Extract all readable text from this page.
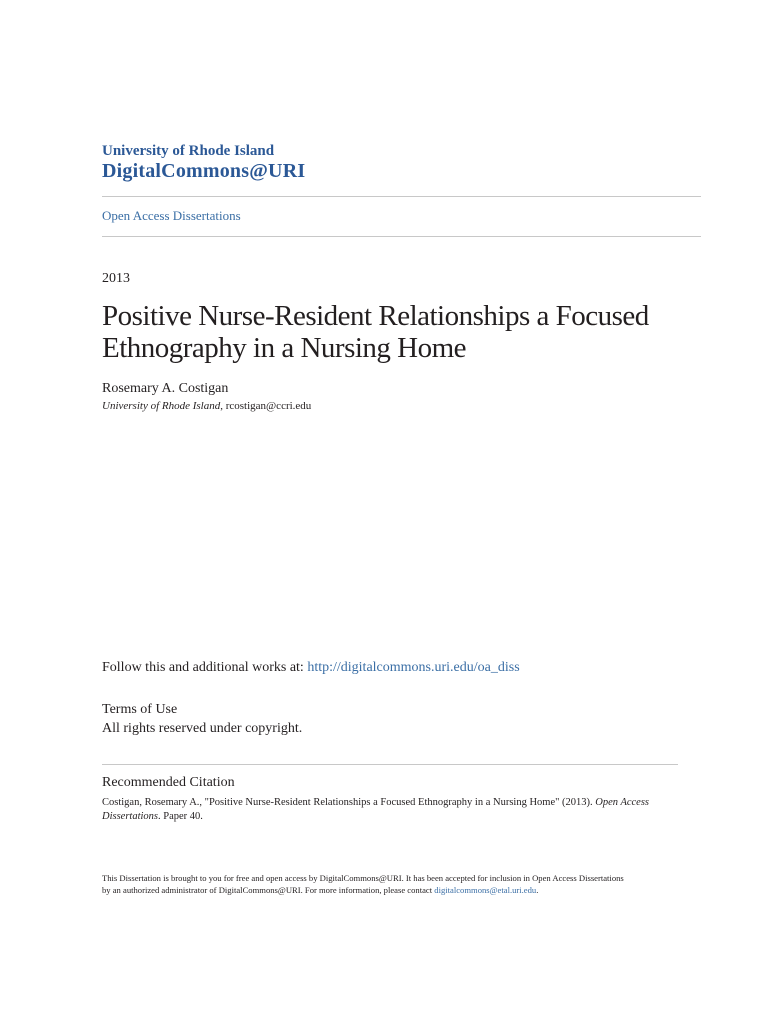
University of Rhode Island
DigitalCommons@URI
Open Access Dissertations
2013
Positive Nurse-Resident Relationships a Focused
Ethnography in a Nursing Home
Rosemary A. Costigan
University of Rhode Island, rcostigan@ccri.edu
Follow this and additional works at: http://digitalcommons.uri.edu/oa_diss
Terms of Use
All rights reserved under copyright.
Recommended Citation
Costigan, Rosemary A., "Positive Nurse-Resident Relationships a Focused Ethnography in a Nursing Home" (2013). Open Access Dissertations. Paper 40.
This Dissertation is brought to you for free and open access by DigitalCommons@URI. It has been accepted for inclusion in Open Access Dissertations
by an authorized administrator of DigitalCommons@URI. For more information, please contact digitalcommons@etal.uri.edu.
